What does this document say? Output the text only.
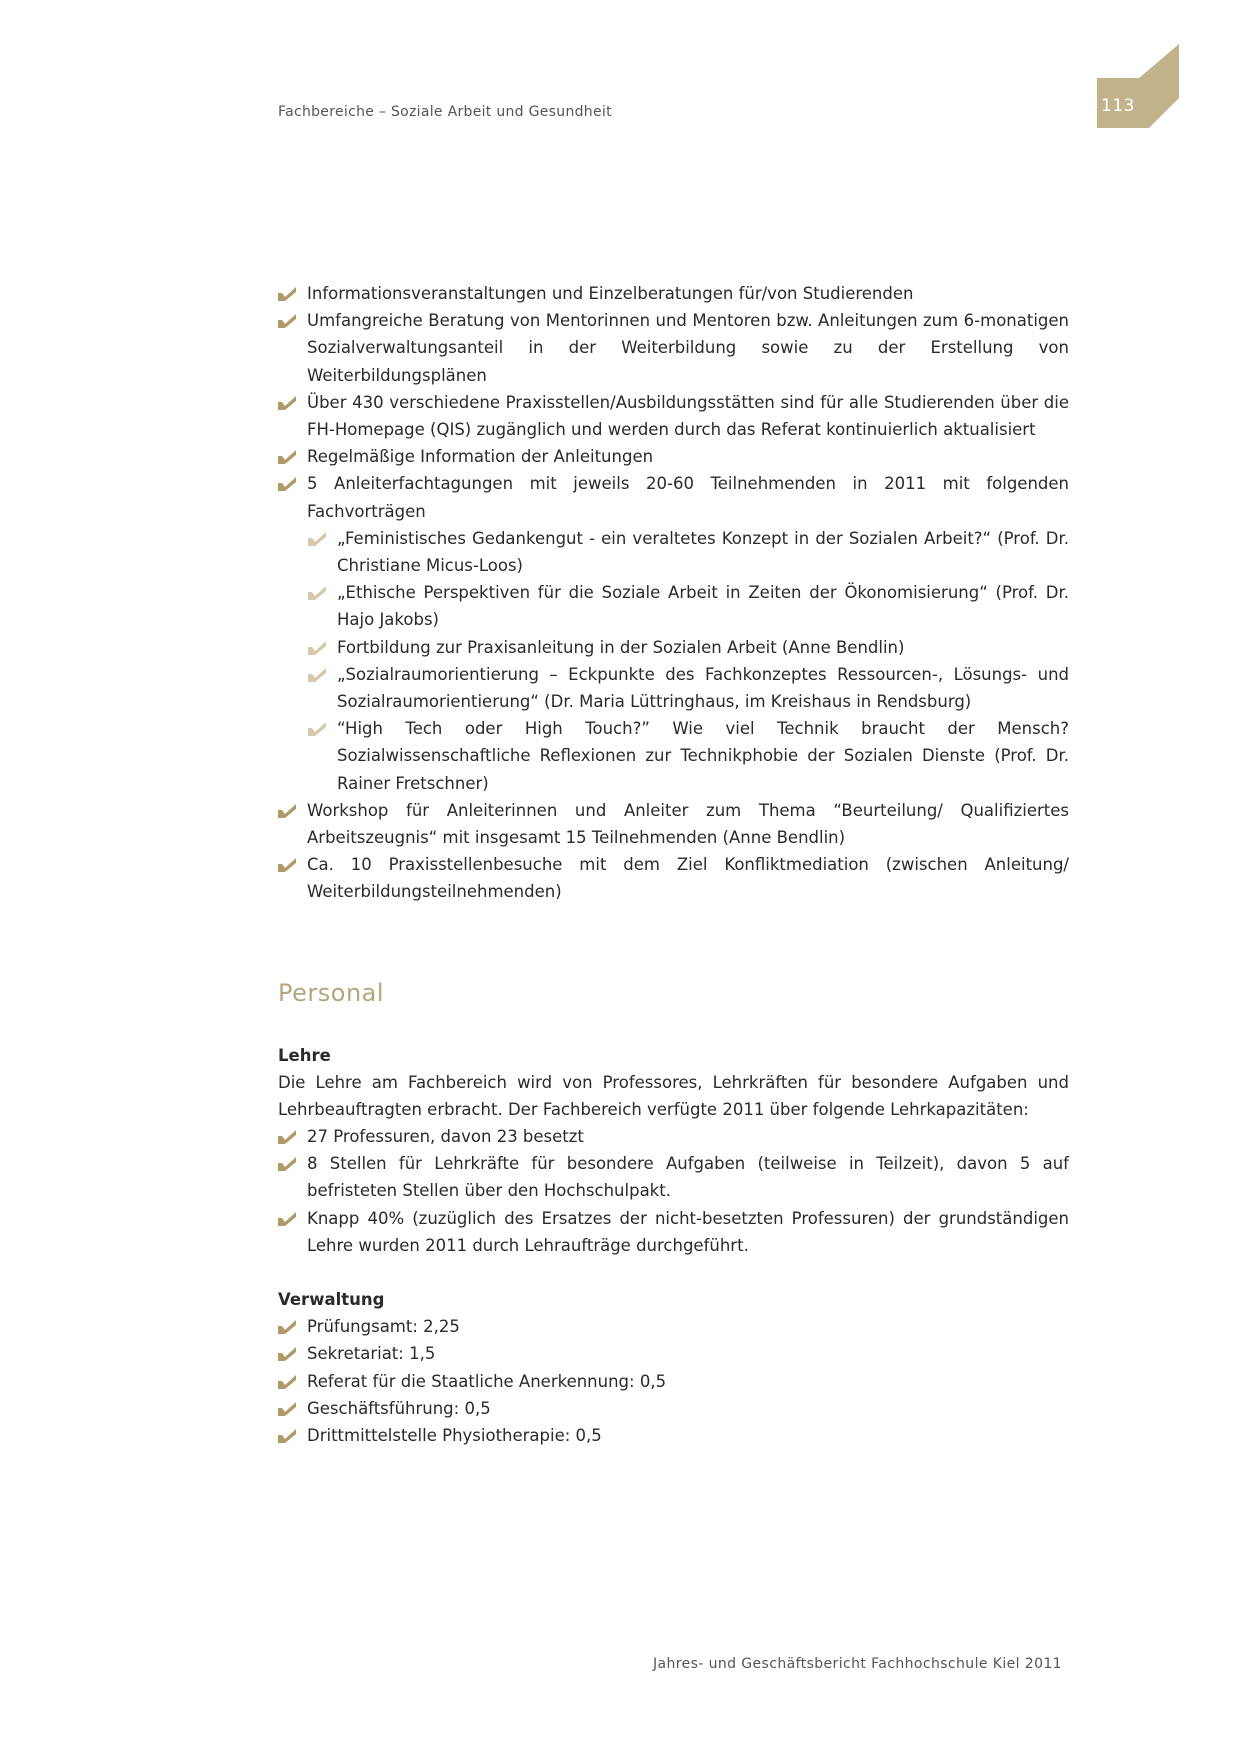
Fachbereiche – Soziale Arbeit und Gesundheit	113
Informationsveranstaltungen und Einzelberatungen für/von Studierenden
Umfangreiche Beratung von Mentorinnen und Mentoren bzw. Anleitungen zum 6-monatigen Sozialverwaltungsanteil in der Weiterbildung sowie zu der Erstellung von Weiterbildungsplänen
Über 430 verschiedene Praxisstellen/Ausbildungsstätten sind für alle Studierenden über die FH-Homepage (QIS) zugänglich und werden durch das Referat kontinuierlich aktualisiert
Regelmäßige Information der Anleitungen
5 Anleiterfachtagungen mit jeweils 20-60 Teilnehmenden in 2011 mit folgenden Fachvorträgen
„Feministisches Gedankengut - ein veraltetes Konzept in der Sozialen Arbeit?“ (Prof. Dr. Christiane Micus-Loos)
„Ethische Perspektiven für die Soziale Arbeit in Zeiten der Ökonomisierung“ (Prof. Dr. Hajo Jakobs)
Fortbildung zur Praxisanleitung in der Sozialen Arbeit (Anne Bendlin)
„Sozialraumorientierung – Eckpunkte des Fachkonzeptes Ressourcen-, Lösungs- und Sozialraumorientierung“ (Dr. Maria Lüttringhaus, im Kreishaus in Rendsburg)
“High Tech oder High Touch?” Wie viel Technik braucht der Mensch? Sozialwissenschaftliche Reflexionen zur Technikphobie der Sozialen Dienste (Prof. Dr. Rainer Fretschner)
Workshop für Anleiterinnen und Anleiter zum Thema “Beurteilung/ Qualifiziertes Arbeitszeugnis“ mit insgesamt 15 Teilnehmenden (Anne Bendlin)
Ca. 10 Praxisstellenbesuche mit dem Ziel Konfliktmediation (zwischen Anleitung/ Weiterbildungsteilnehmenden)
Personal
Lehre

Die Lehre am Fachbereich wird von Professores, Lehrkräften für besondere Aufgaben und Lehrbeauftragten erbracht. Der Fachbereich verfügte 2011 über folgende Lehrkapazitäten:

27 Professuren, davon 23 besetzt
8 Stellen für Lehrkräfte für besondere Aufgaben (teilweise in Teilzeit), davon 5 auf befristeten Stellen über den Hochschulpakt.
Knapp 40% (zuzüglich des Ersatzes der nicht-besetzten Professuren) der grundständigen Lehre wurden 2011 durch Lehraufträge durchgeführt.
Verwaltung
Prüfungsamt: 2,25
Sekretariat: 1,5
Referat für die Staatliche Anerkennung: 0,5
Geschäftsführung: 0,5
Drittmittelstelle Physiotherapie: 0,5
Jahres- und Geschäftsbericht Fachhochschule Kiel 2011
